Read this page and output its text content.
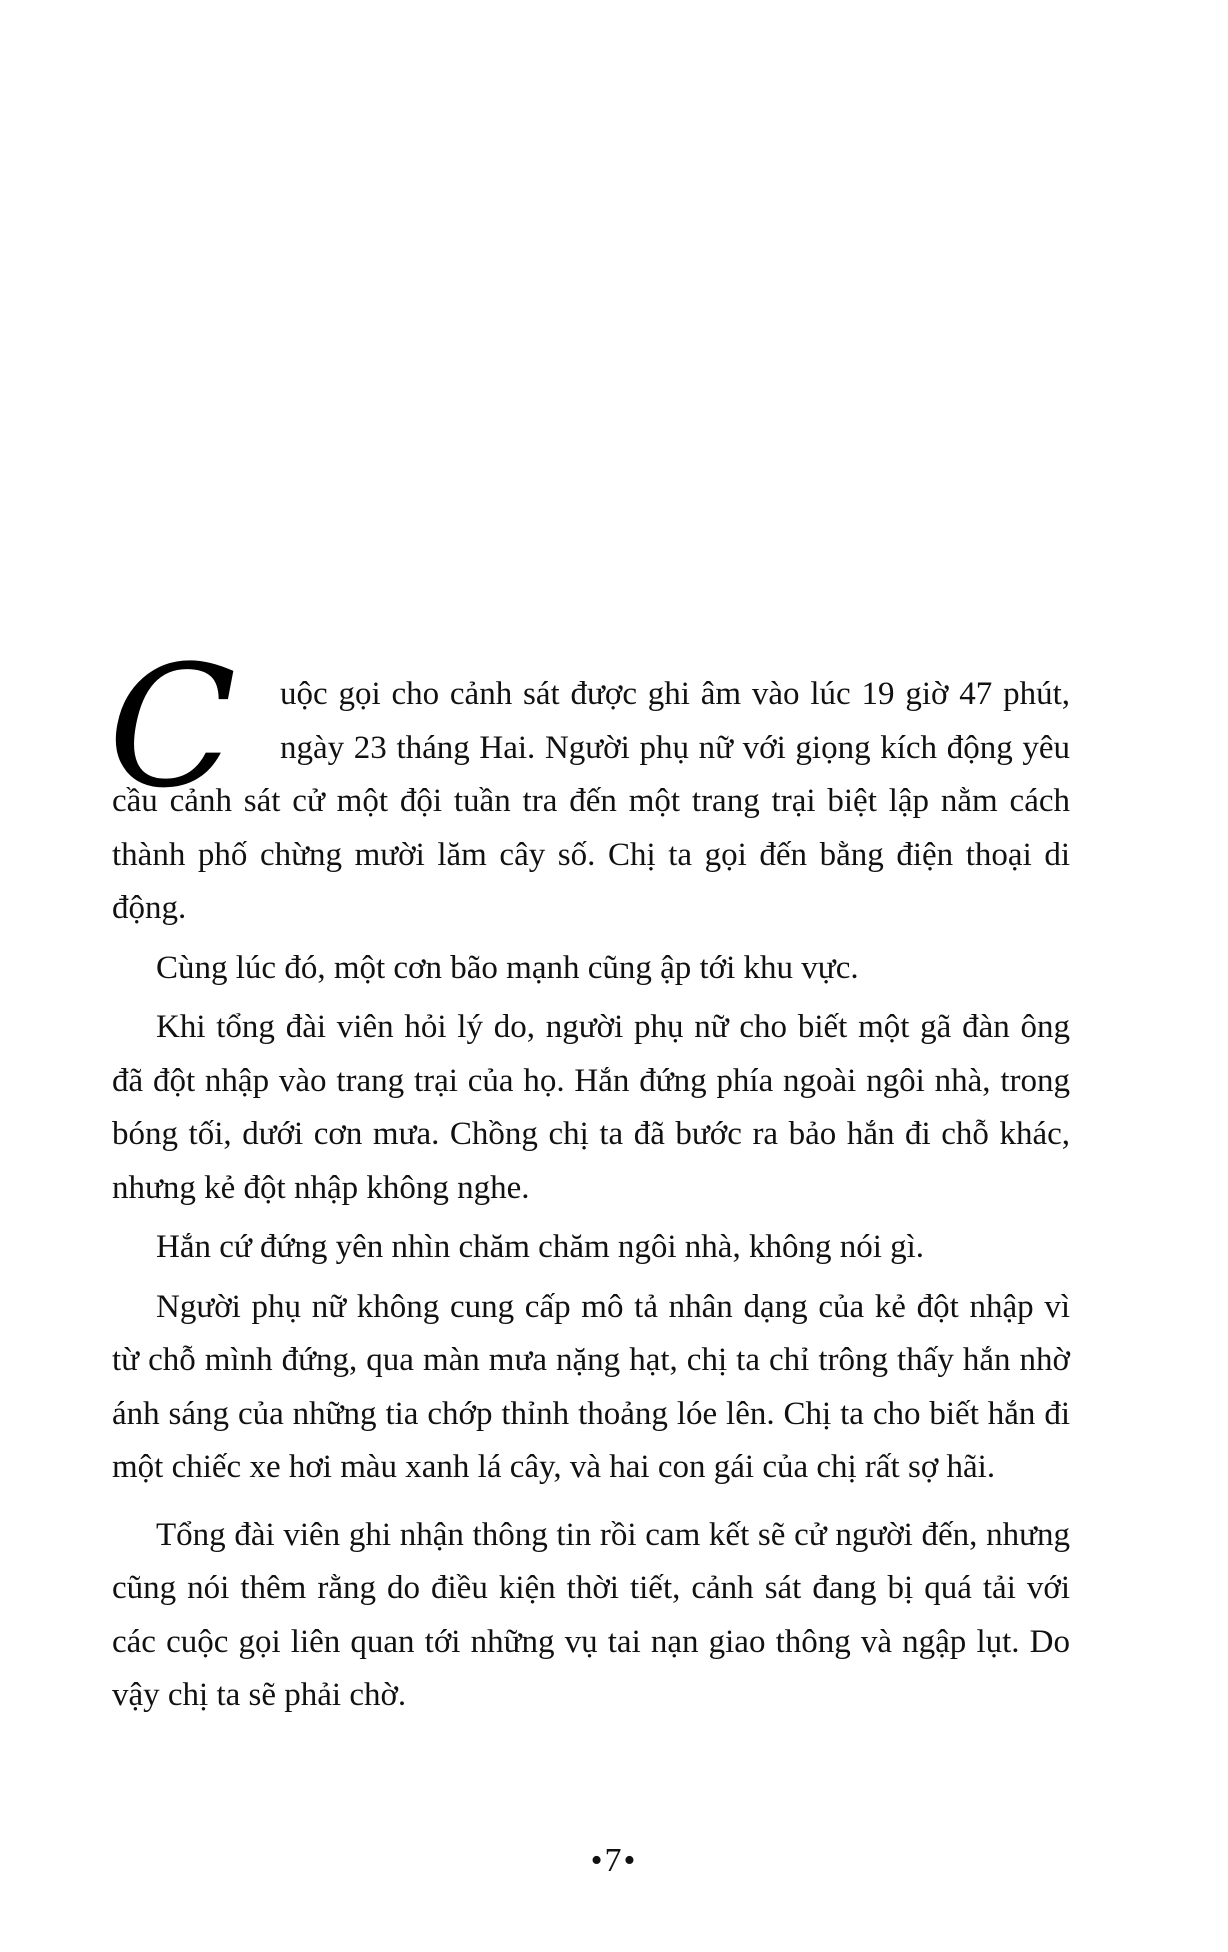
C	uộc gọi cho cảnh sát được ghi âm vào lúc 19 giờ 47 phút, ngày 23 tháng Hai. Người phụ nữ với giọng kích động yêu cầu cảnh sát cử một đội tuần tra đến một trang trại biệt lập nằm cách thành phố chừng mười lăm cây số. Chị ta gọi đến bằng điện thoại di động.

Cùng lúc đó, một cơn bão mạnh cũng ập tới khu vực.

Khi tổng đài viên hỏi lý do, người phụ nữ cho biết một gã đàn ông đã đột nhập vào trang trại của họ. Hắn đứng phía ngoài ngôi nhà, trong bóng tối, dưới cơn mưa. Chồng chị ta đã bước ra bảo hắn đi chỗ khác, nhưng kẻ đột nhập không nghe.

Hắn cứ đứng yên nhìn chăm chăm ngôi nhà, không nói gì.

Người phụ nữ không cung cấp mô tả nhân dạng của kẻ đột nhập vì từ chỗ mình đứng, qua màn mưa nặng hạt, chị ta chỉ trông thấy hắn nhờ ánh sáng của những tia chớp thỉnh thoảng lóe lên. Chị ta cho biết hắn đi một chiếc xe hơi màu xanh lá cây, và hai con gái của chị rất sợ hãi.

Tổng đài viên ghi nhận thông tin rồi cam kết sẽ cử người đến, nhưng cũng nói thêm rằng do điều kiện thời tiết, cảnh sát đang bị quá tải với các cuộc gọi liên quan tới những vụ tai nạn giao thông và ngập lụt. Do vậy chị ta sẽ phải chờ.

•7•
